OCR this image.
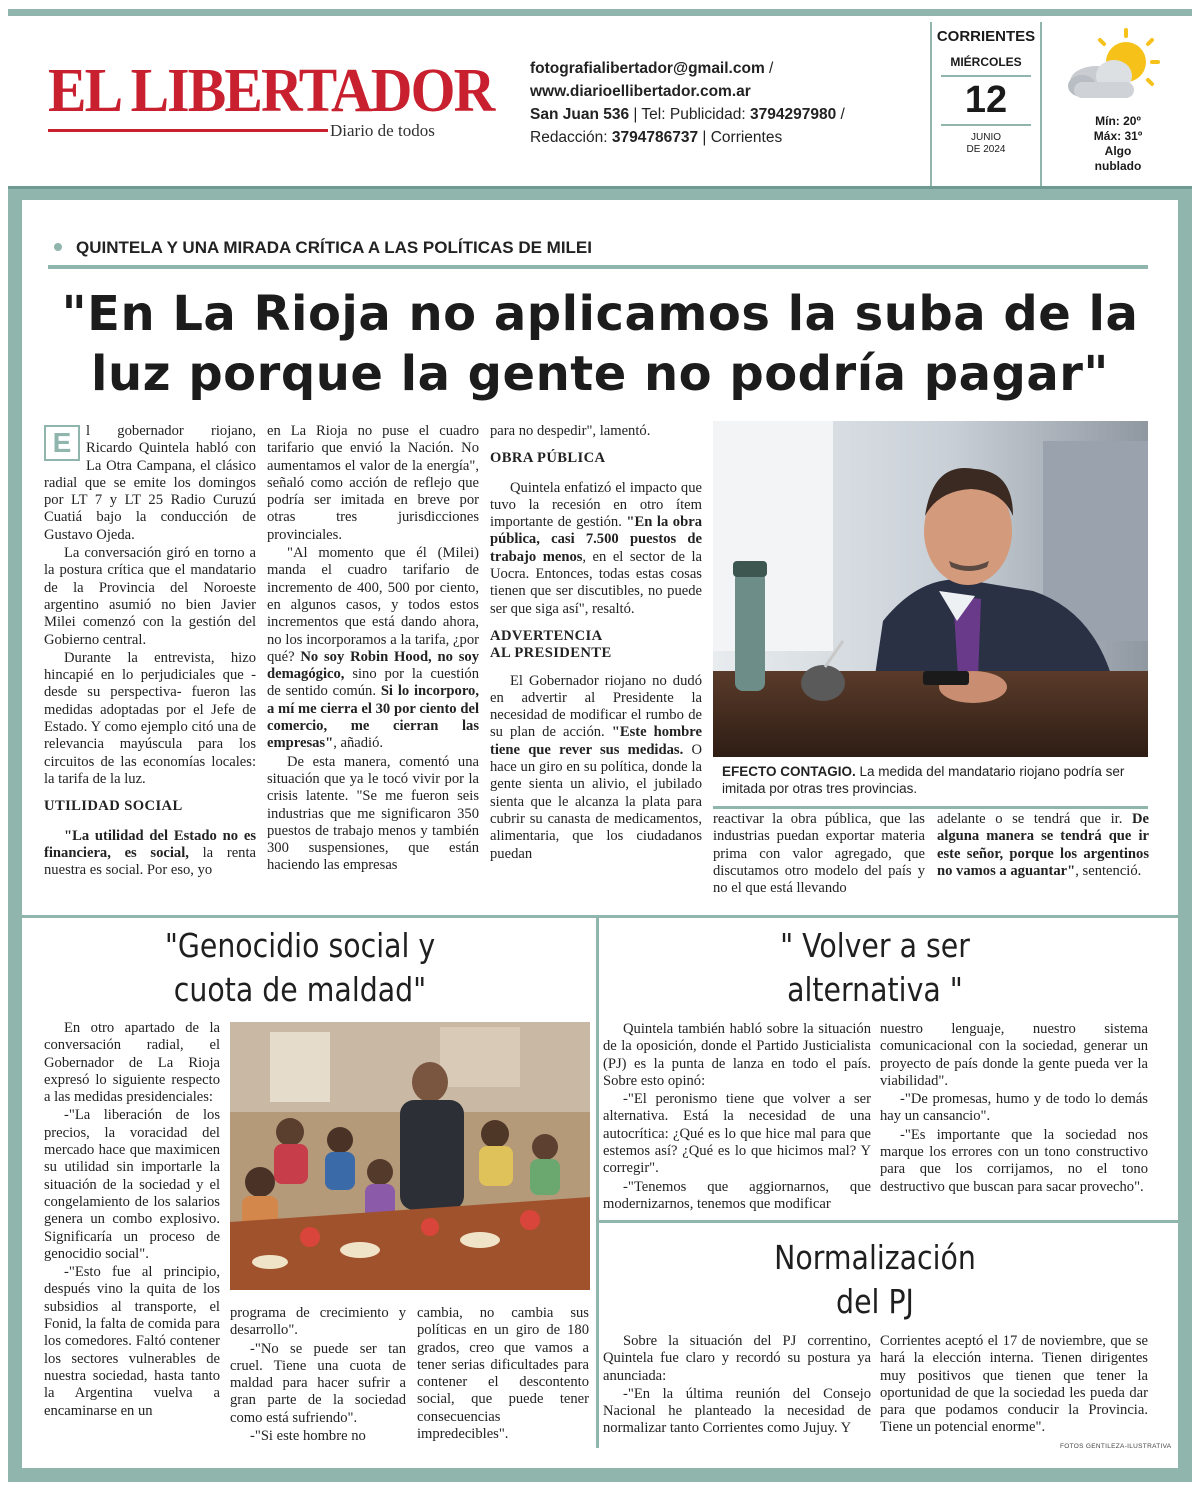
EL LIBERTADOR
Diario de todos
fotografialibertador@gmail.com /
www.diarioellibertador.com.ar
San Juan 536 | Tel: Publicidad: 3794297980 /
Redacción: 3794786737 | Corrientes
CORRIENTES
MIÉRCOLES
12
JUNIO
DE 2024
Mín: 20º
Máx: 31º
Algo
nublado
QUINTELA Y UNA MIRADA CRÍTICA A LAS POLÍTICAS DE MILEI
"En La Rioja no aplicamos la suba de la
luz porque la gente no podría pagar"

E	l gobernador riojano, Ricardo Quintela habló con La Otra Campana, el clásico radial que se emite los domingos por LT 7 y LT 25 Radio Curuzú Cuatiá bajo la conducción de Gustavo Ojeda.

La conversación giró en torno a la postura crítica que el mandatario de la Provincia del Noroeste argentino asumió no bien Javier Milei comenzó con la gestión del Gobierno central.

Durante la entrevista, hizo hincapié en lo perjudiciales que -desde su perspectiva- fueron las medidas adoptadas por el Jefe de Estado. Y como ejemplo citó una de relevancia mayúscula para los circuitos de las economías locales: la tarifa de la luz.

UTILIDAD SOCIAL

"La utilidad del Estado no es financiera, es social, la renta nuestra es social. Por eso, yo

en La Rioja no puse el cuadro tarifario que envió la Nación. No aumentamos el valor de la energía", señaló como acción de reflejo que podría ser imitada en breve por otras tres jurisdicciones provinciales.

"Al momento que él (Milei) manda el cuadro tarifario de incremento de 400, 500 por ciento, en algunos casos, y todos estos incrementos que está dando ahora, no los incorporamos a la tarifa, ¿por qué? No soy Robin Hood, no soy demagógico, sino por la cuestión de sentido común. Si lo incorporo, a mí me cierra el 30 por ciento del comercio, me cierran las empresas", añadió.

De esta manera, comentó una situación que ya le tocó vivir por la crisis latente. "Se me fueron seis industrias que me significaron 350 puestos de trabajo menos y también 300 suspensiones, que están haciendo las empresas

para no despedir", lamentó.

OBRA PÚBLICA

Quintela enfatizó el impacto que tuvo la recesión en otro ítem importante de gestión. "En la obra pública, casi 7.500 puestos de trabajo menos, en el sector de la Uocra. Entonces, todas estas cosas tienen que ser discutibles, no puede ser que siga así", resaltó.

ADVERTENCIA
AL PRESIDENTE

El Gobernador riojano no dudó en advertir al Presidente la necesidad de modificar el rumbo de su plan de acción. "Este hombre tiene que rever sus medidas. O hace un giro en su política, donde la gente sienta un alivio, el jubilado sienta que le alcanza la plata para cubrir su canasta de medicamentos, alimentaria, que los ciudadanos puedan

EFECTO CONTAGIO. La medida del mandatario riojano podría ser imitada por otras tres provincias.

reactivar la obra pública, que las industrias puedan exportar materia prima con valor agregado, que discutamos otro modelo del país y no el que está llevando

adelante o se tendrá que ir. De alguna manera se tendrá que ir este señor, porque los argentinos no vamos a aguantar", sentenció.

"Genocidio social y
cuota de maldad"

En otro apartado de la conversación radial, el Gobernador de La Rioja expresó lo siguiente respecto a las medidas presidenciales:

-"La liberación de los precios, la voracidad del mercado hace que maximicen su utilidad sin importarle la situación de la sociedad y el congelamiento de los salarios genera un combo explosivo. Significaría un proceso de genocidio social".

-"Esto fue al principio, después vino la quita de los subsidios al transporte, el Fonid, la falta de comida para los comedores. Faltó contener los sectores vulnerables de nuestra sociedad, hasta tanto la Argentina vuelva a encaminarse en un

programa de crecimiento y desarrollo".

-"No se puede ser tan cruel. Tiene una cuota de maldad para hacer sufrir a gran parte de la sociedad como está sufriendo".

-"Si este hombre no

cambia, no cambia sus políticas en un giro de 180 grados, creo que vamos a tener serias dificultades para contener el descontento social, que puede tener consecuencias impredecibles".

" Volver a ser
alternativa "

Quintela también habló sobre la situación de la oposición, donde el Partido Justicialista (PJ) es la punta de lanza en todo el país. Sobre esto opinó:

-"El peronismo tiene que volver a ser alternativa. Está la necesidad de una autocrítica: ¿Qué es lo que hice mal para que estemos así? ¿Qué es lo que hicimos mal? Y corregir".

-"Tenemos que aggiornarnos, que modernizarnos, tenemos que modificar

nuestro lenguaje, nuestro sistema comunicacional con la sociedad, generar un proyecto de país donde la gente pueda ver la viabilidad".

-"De promesas, humo y de todo lo demás hay un cansancio".

-"Es importante que la sociedad nos marque los errores con un tono constructivo para que los corrijamos, no el tono destructivo que buscan para sacar provecho".

Normalización
del PJ

Sobre la situación del PJ correntino, Quintela fue claro y recordó su postura ya anunciada:

-"En la última reunión del Consejo Nacional he planteado la necesidad de normalizar tanto Corrientes como Jujuy. Y

Corrientes aceptó el 17 de noviembre, que se hará la elección interna. Tienen dirigentes muy positivos que tienen que tener la oportunidad de que la sociedad les pueda dar para que podamos conducir la Provincia. Tiene un potencial enorme".

FOTOS GENTILEZA-ILUSTRATIVA
